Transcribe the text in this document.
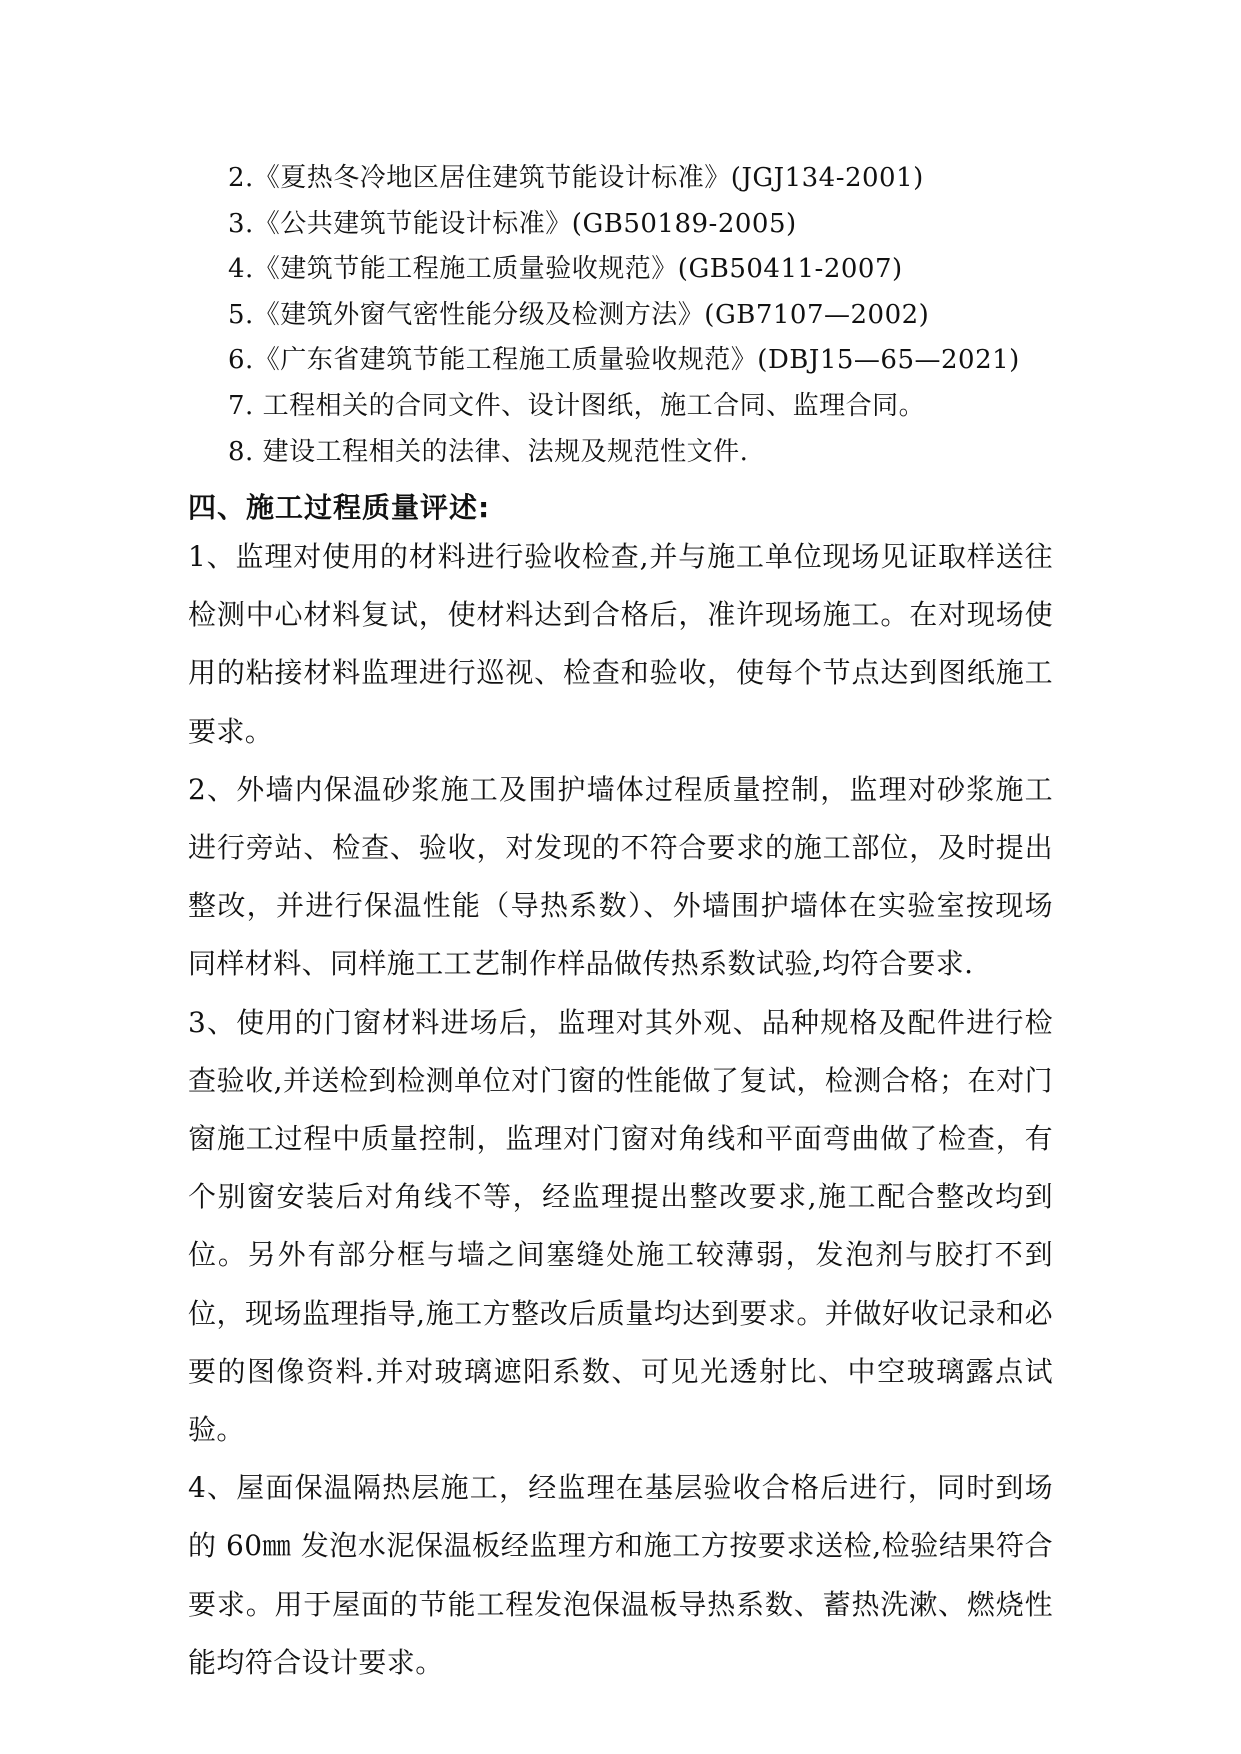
2.《夏热冬冷地区居住建筑节能设计标准》(JGJ134-2001)
3.《公共建筑节能设计标准》(GB50189-2005)
4.《建筑节能工程施工质量验收规范》(GB50411-2007)
5.《建筑外窗气密性能分级及检测方法》(GB7107—2002)
6.《广东省建筑节能工程施工质量验收规范》(DBJ15—65—2021)
7. 工程相关的合同文件、设计图纸，施工合同、监理合同。
8. 建设工程相关的法律、法规及规范性文件.
四、施工过程质量评述:

1、监理对使用的材料进行验收检查,并与施工单位现场见证取样送往检测中心材料复试，使材料达到合格后，准许现场施工。在对现场使用的粘接材料监理进行巡视、检查和验收，使每个节点达到图纸施工要求。

2、外墙内保温砂浆施工及围护墙体过程质量控制，监理对砂浆施工进行旁站、检查、验收，对发现的不符合要求的施工部位，及时提出整改，并进行保温性能（导热系数）、外墙围护墙体在实验室按现场同样材料、同样施工工艺制作样品做传热系数试验,均符合要求.

3、使用的门窗材料进场后，监理对其外观、品种规格及配件进行检查验收,并送检到检测单位对门窗的性能做了复试，检测合格；在对门窗施工过程中质量控制，监理对门窗对角线和平面弯曲做了检查，有个别窗安装后对角线不等，经监理提出整改要求,施工配合整改均到位。另外有部分框与墙之间塞缝处施工较薄弱，发泡剂与胶打不到位，现场监理指导,施工方整改后质量均达到要求。并做好收记录和必要的图像资料.并对玻璃遮阳系数、可见光透射比、中空玻璃露点试验。

4、屋面保温隔热层施工，经监理在基层验收合格后进行，同时到场的 60㎜ 发泡水泥保温板经监理方和施工方按要求送检,检验结果符合要求。用于屋面的节能工程发泡保温板导热系数、蓄热洗漱、燃烧性能均符合设计要求。
